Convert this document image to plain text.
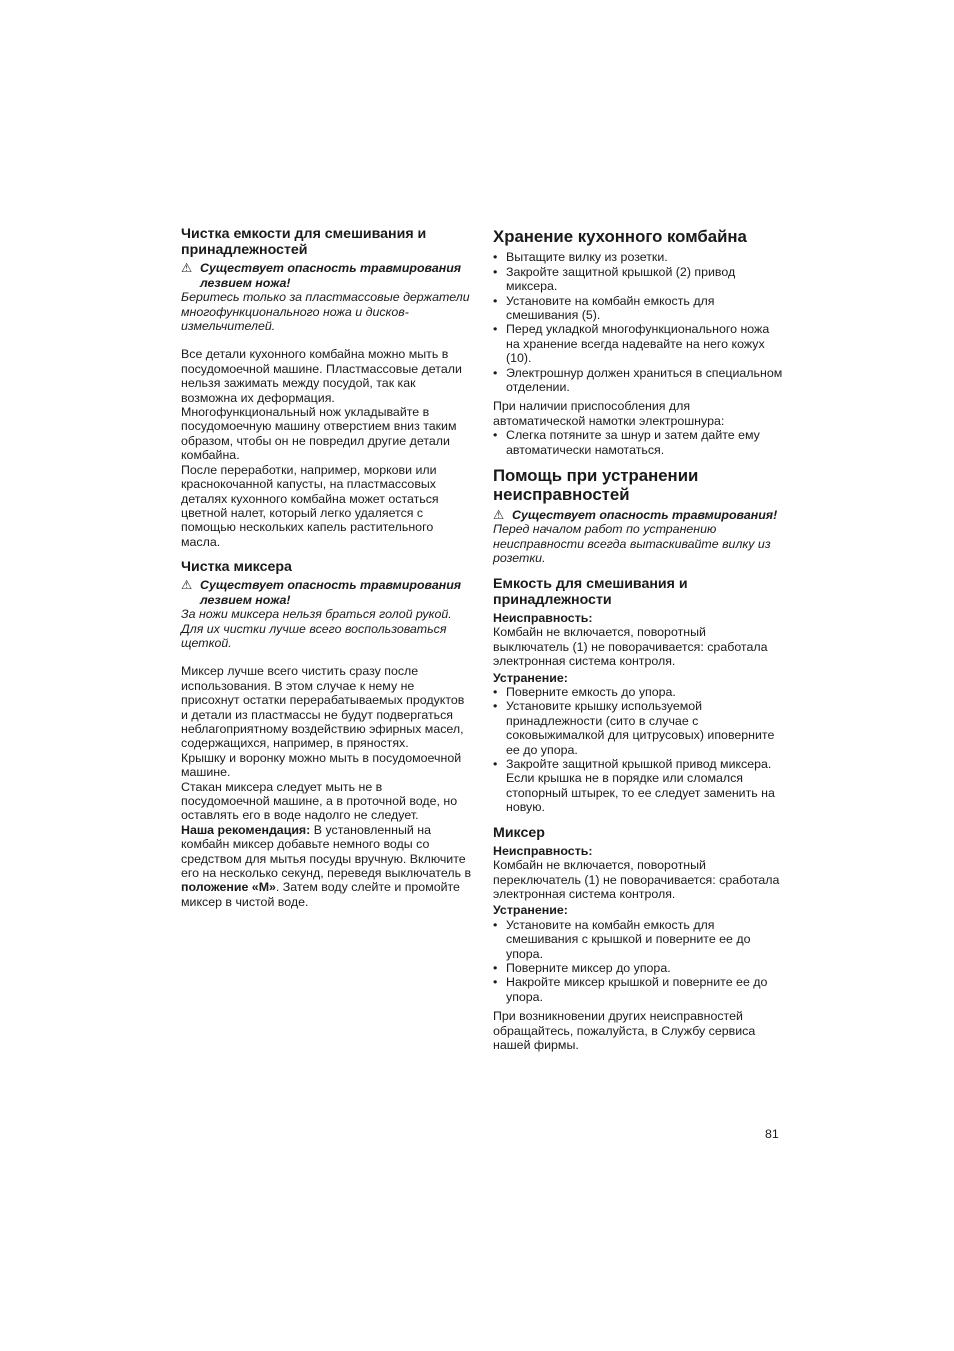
Чистка емкости для смешивания и принадлежностей
⚠ Существует опасность травмирования
лезвием ножа!

Беритесь только за пластмассовые держатели многофункционального ножа и дисков-измельчителей.

Все детали кухонного комбайна можно мыть в посудомоечной машине. Пластмассовые детали нельзя зажимать между посудой, так как возможна их деформация.

Многофункциональный нож укладывайте в посудомоечную машину отверстием вниз таким образом, чтобы он не повредил другие детали комбайна.

После переработки, например, моркови или краснокочанной капусты, на пластмассовых деталях кухонного комбайна может остаться цветной налет, который легко удаляется с помощью нескольких капель растительного масла.

Чистка миксера
⚠ Существует опасность травмирования
лезвием ножа!

За ножи миксера нельзя браться голой рукой.

Для их чистки лучше всего воспользоваться щеткой.

Миксер лучше всего чистить сразу после использования. В этом случае к нему не присохнут остатки перерабатываемых продуктов и детали из пластмассы не будут подвергаться неблагоприятному воздействию эфирных масел, содержащихся, например, в пряностях.

Крышку и воронку можно мыть в посудомоечной машине.

Стакан миксера следует мыть не в посудомоечной машине, а в проточной воде, но оставлять его в воде надолго не следует.

Наша рекомендация: В установленный на комбайн миксер добавьте немного воды со средством для мытья посуды вручную. Включите его на несколько секунд, переведя выключатель в положение «M». Затем воду слейте и промойте миксер в чистой воде.

Хранение кухонного комбайна
• Вытащите вилку из розетки.
• Закройте защитной крышкой (2) привод миксера.
• Установите на комбайн емкость для смешивания (5).
• Перед укладкой многофункционального ножа на хранение всегда надевайте на него кожух (10).
• Электрошнур должен храниться в специальном отделении.

При наличии приспособления для автоматической намотки электрошнура:

• Слегка потяните за шнур и затем дайте ему автоматически намотаться.
Помощь при устранении неисправностей
⚠ Существует опасность травмирования!

Перед началом работ по устранению неисправности всегда вытаскивайте вилку из розетки.

Емкость для смешивания и принадлежности
Неисправность:

Комбайн не включается, поворотный выключатель (1) не поворачивается: сработала электронная система контроля.

Устранение:
• Поверните емкость до упора.
• Установите крышку используемой принадлежности (сито в случае с соковыжималкой для цитрусовых) иповерните ее до упора.
• Закройте защитной крышкой привод миксера. Если крышка не в порядке или сломался стопорный штырек, то ее следует заменить на новую.
Миксер
Неисправность:

Комбайн не включается, поворотный переключатель (1) не поворачивается: сработала электронная система контроля.

Устранение:
• Установите на комбайн емкость для смешивания с крышкой и поверните ее до упора.
• Поверните миксер до упора.
• Накройте миксер крышкой и поверните ее до упора.

При возникновении других неисправностей обращайтесь, пожалуйста, в Службу сервиса нашей фирмы.

81
